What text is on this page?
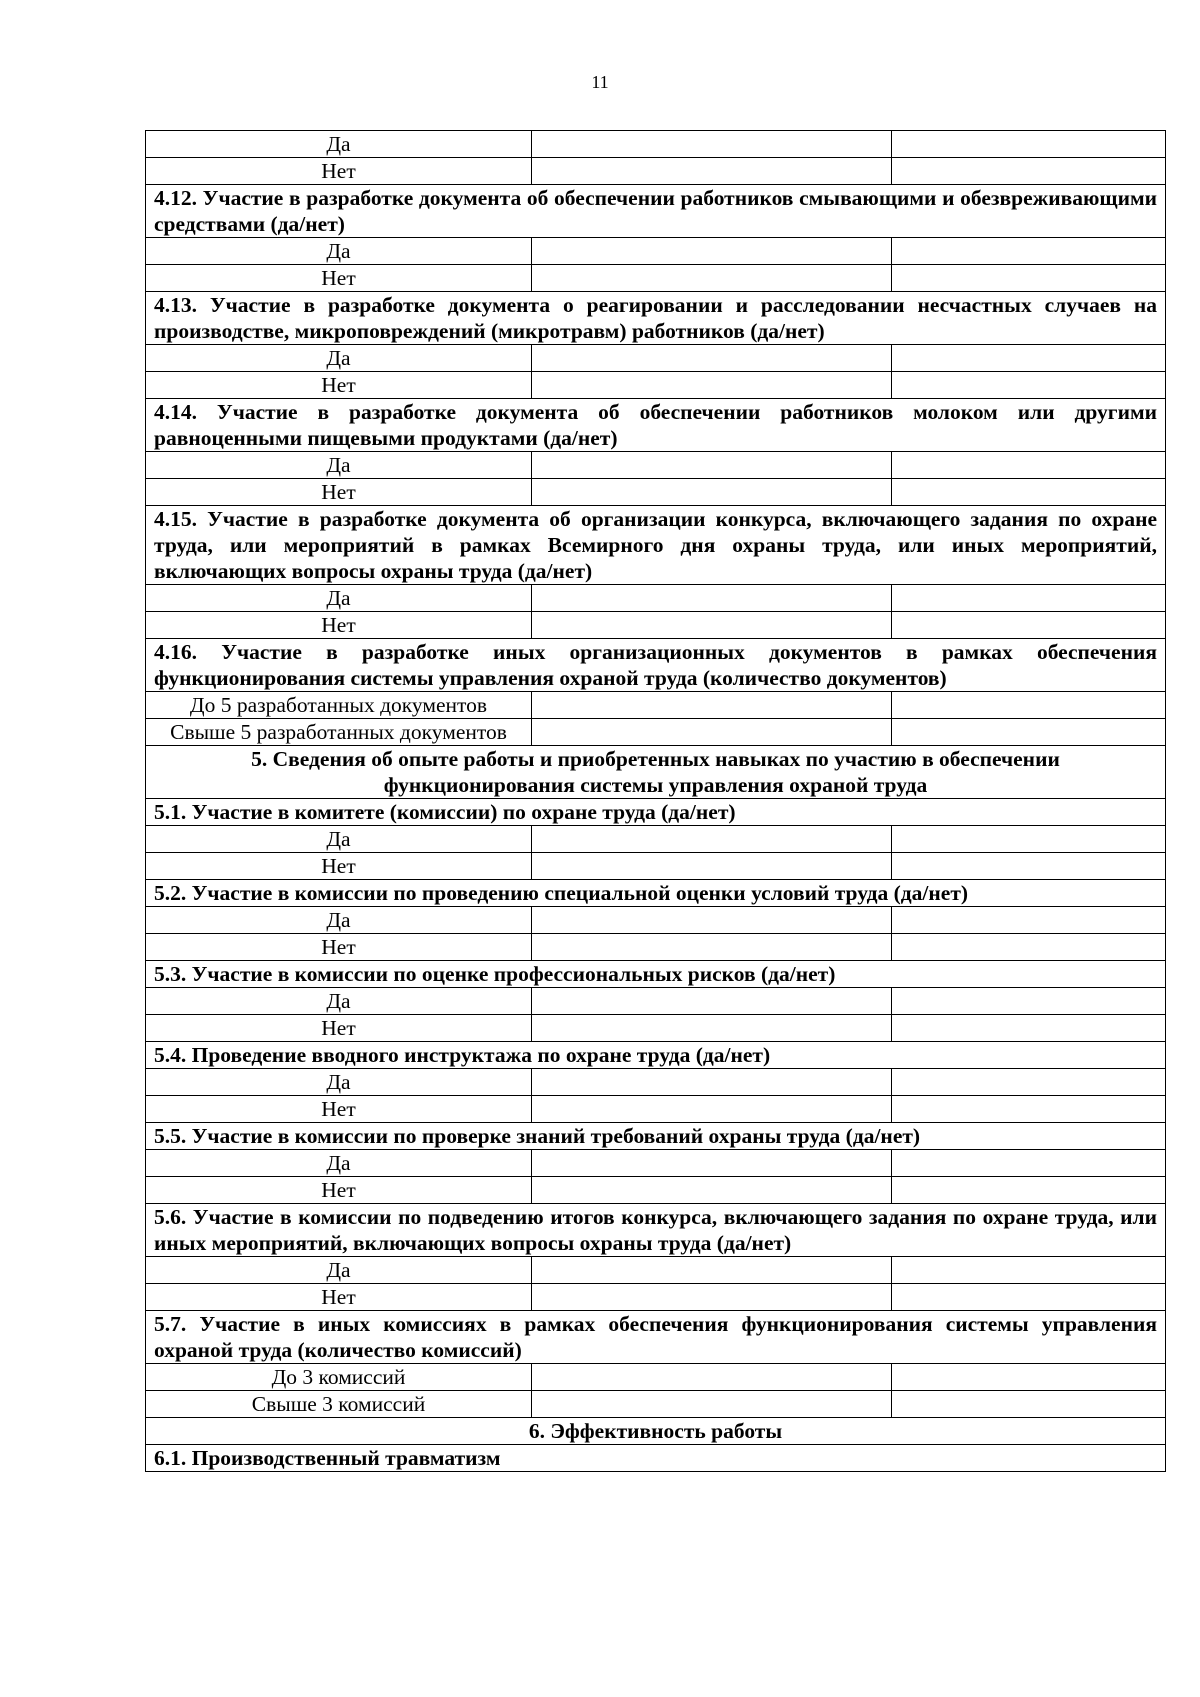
11
Да		
Нет		
4.12. Участие в разработке документа об обеспечении работников смывающими и обезвреживающими средствами (да/нет)		
Да		
Нет		
4.13. Участие в разработке документа о реагировании и расследовании несчастных случаев на производстве, микроповреждений (микротравм) работников (да/нет)		
Да		
Нет		
4.14. Участие в разработке документа об обеспечении работников молоком или другими равноценными пищевыми продуктами (да/нет)		
Да		
Нет		
4.15. Участие в разработке документа об организации конкурса, включающего задания по охране труда, или мероприятий в рамках Всемирного дня охраны труда, или иных мероприятий, включающих вопросы охраны труда (да/нет)		
Да		
Нет		
4.16. Участие в разработке иных организационных документов в рамках обеспечения функционирования системы управления охраной труда (количество документов)		
До 5 разработанных документов		
Свыше 5 разработанных документов		
5. Сведения об опыте работы и приобретенных навыках по участию в обеспечении функционирования системы управления охраной труда		
5.1. Участие в комитете (комиссии) по охране труда (да/нет)		
Да		
Нет		
5.2. Участие в комиссии по проведению специальной оценки условий труда (да/нет)		
Да		
Нет		
5.3. Участие в комиссии по оценке профессиональных рисков (да/нет)		
Да		
Нет		
5.4. Проведение вводного инструктажа по охране труда (да/нет)		
Да		
Нет		
5.5. Участие в комиссии по проверке знаний требований охраны труда (да/нет)		
Да		
Нет		
5.6. Участие в комиссии по подведению итогов конкурса, включающего задания по охране труда, или иных мероприятий, включающих вопросы охраны труда (да/нет)		
Да		
Нет		
5.7. Участие в иных комиссиях в рамках обеспечения функционирования системы управления охраной труда (количество комиссий)		
До 3 комиссий		
Свыше 3 комиссий		
6. Эффективность работы		
6.1. Производственный травматизм		
